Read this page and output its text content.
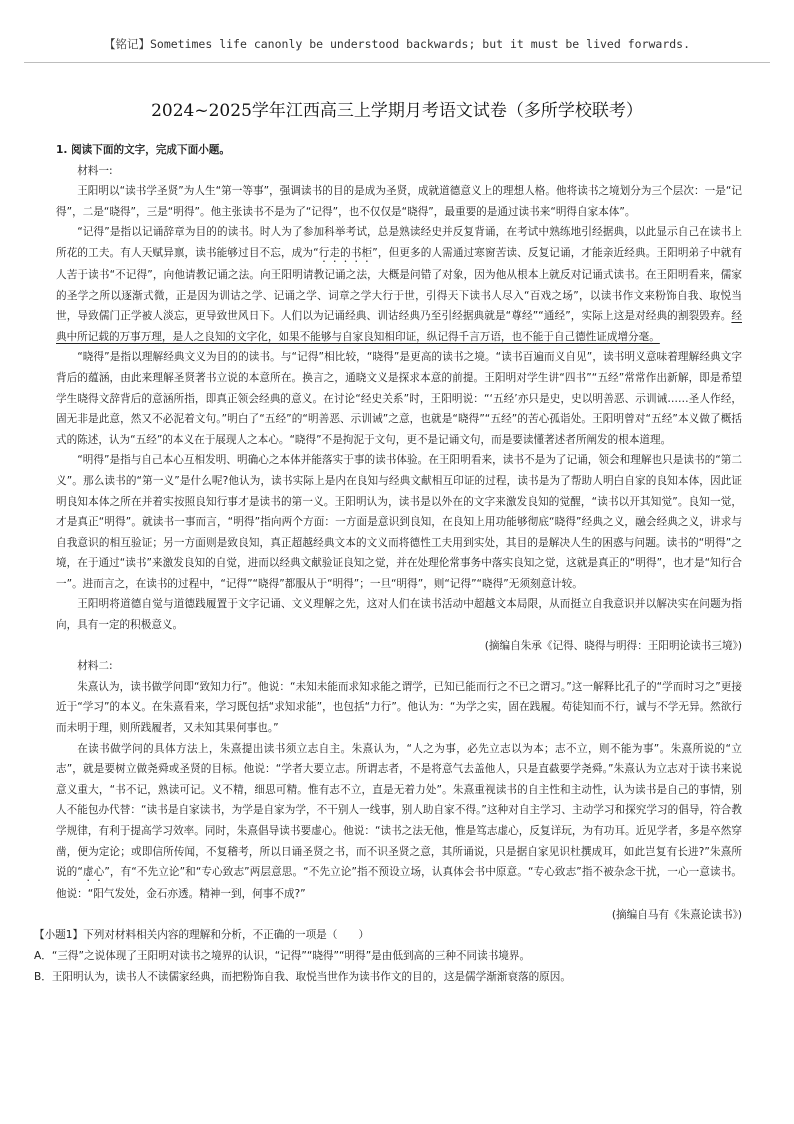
【铭记】Sometimes life canonly be understood backwards; but it must be lived forwards.
2024~2025学年江西高三上学期月考语文试卷（多所学校联考）

1. 阅读下面的文字，完成下面小题。

材料一:

王阳明以“读书学圣贤”为人生“第一等事”，强调读书的目的是成为圣贤，成就道德意义上的理想人格。他将读书之境划分为三个层次：一是“记得”，二是“晓得”，三是“明得”。他主张读书不是为了“记得”，也不仅仅是“晓得”，最重要的是通过读书来“明得自家本体”。

“记得”是指以记诵辞章为目的的读书。时人为了参加科举考试，总是熟读经史并反复背诵，在考试中熟练地引经据典，以此显示自己在读书上所花的工夫。有人天赋异禀，读书能够过目不忘，成为“行走的书柜”，但更多的人需通过寒窗苦读、反复记诵，才能亲近经典。王阳明弟子中就有人苦于读书“不记得”，向他请教记诵之法。向王阳明请教记诵之法，大概是问错了对象，因为他从根本上就反对记诵式读书。在王阳明看来，儒家的圣学之所以逐渐式微，正是因为训诂之学、记诵之学、词章之学大行于世，引得天下读书人尽入“百戏之场”，以读书作文来粉饰自我、取悦当世，导致儒门正学被人淡忘，更导致世风日下。人们以为记诵经典、训诂经典乃至引经据典就是“尊经”“通经”，实际上这是对经典的割裂毁弃。经典中所记载的万事万理，是人之良知的文字化，如果不能够与自家良知相印证，纵记得千言万语，也不能于自己德性证成增分毫。

“晓得”是指以理解经典文义为目的的读书。与“记得”相比较，“晓得”是更高的读书之境。“读书百遍而义自见”，读书明义意味着理解经典文字背后的蕴涵，由此来理解圣贤著书立说的本意所在。换言之，通晓文义是探求本意的前提。王阳明对学生讲“四书”“五经”常常作出新解，即是希望学生晓得文辞背后的意涵所指，即真正领会经典的意义。在讨论“经史关系”时，王阳明说：“‘五经’亦只是史，史以明善恶、示训诫……圣人作经，固无非是此意，然又不必泥着文句。”明白了“五经”的“明善恶、示训诫”之意，也就是“晓得”“五经”的苦心孤诣处。王阳明曾对“五经”本义做了概括式的陈述，认为“五经”的本义在于展现人之本心。“晓得”不是拘泥于文句，更不是记诵文句，而是要读懂著述者所阐发的根本道理。

“明得”是指与自己本心互相发明、明确心之本体并能落实于事的读书体验。在王阳明看来，读书不是为了记诵，领会和理解也只是读书的“第二义”。那么读书的“第一义”是什么呢?他认为，读书实际上是内在良知与经典文献相互印证的过程，读书是为了帮助人明白自家的良知本体，因此证明良知本体之所在并着实按照良知行事才是读书的第一义。王阳明认为，读书是以外在的文字来激发良知的觉醒，“读书以开其知觉”。良知一觉，才是真正“明得”。就读书一事而言，“明得”指向两个方面：一方面是意识到良知，在良知上用功能够彻底“晓得”经典之义，融会经典之义，讲求与自我意识的相互验证；另一方面则是致良知，真正超越经典文本的文义而将德性工夫用到实处，其目的是解决人生的困惑与问题。读书的“明得”之境，在于通过“读书”来激发良知的自觉，进而以经典文献验证良知之觉，并在处理伦常事务中落实良知之觉，这就是真正的“明得”，也才是“知行合一”。进而言之，在读书的过程中，“记得”“晓得”都服从于“明得”；一旦“明得”，则“记得”“晓得”无须刻意计较。

王阳明将道德自觉与道德践履置于文字记诵、文义理解之先，这对人们在读书活动中超越文本局限，从而挺立自我意识并以解决实在问题为指向，具有一定的积极意义。

(摘编自朱承《记得、晓得与明得：王阳明论读书三境》)

材料二:

朱熹认为，读书做学问即“致知力行”。他说：“未知未能而求知求能之谓学，已知已能而行之不已之谓习。”这一解释比孔子的“学而时习之”更接近于“学习”的本义。在朱熹看来，学习既包括“求知求能”，也包括“力行”。他认为：“为学之实，固在践履。苟徒知而不行，诚与不学无异。然欲行而未明于理，则所践履者，又未知其果何事也。”

在读书做学问的具体方法上，朱熹提出读书须立志自主。朱熹认为，“人之为事，必先立志以为本；志不立，则不能为事”。朱熹所说的“立志”，就是要树立做尧舜或圣贤的目标。他说：“学者大要立志。所谓志者，不是将意气去盖他人，只是直截要学尧舜。”朱熹认为立志对于读书来说意义重大，“书不记，熟读可记。义不精，细思可精。惟有志不立，直是无着力处”。朱熹重视读书的自主性和主动性，认为读书是自己的事情，别人不能包办代替：“读书是自家读书，为学是自家为学，不干别人一线事，别人助自家不得。”这种对自主学习、主动学习和探究学习的倡导，符合教学规律，有利于提高学习效率。同时，朱熹倡导读书要虚心。他说：“读书之法无他，惟是笃志虚心，反复详玩，为有功耳。近见学者，多是卒然穿凿，便为定论；或即信所传闻，不复稽考，所以日诵圣贤之书，而不识圣贤之意，其所诵说，只是据自家见识杜撰成耳，如此岂复有长进?”朱熹所说的“虚心”，有“不先立论”和“专心致志”两层意思。“不先立论”指不预设立场，认真体会书中原意。“专心致志”指不被杂念干扰，一心一意读书。他说：“阳气发处，金石亦透。精神一到，何事不成?”

(摘编自马有《朱熹论读书》)

【小题1】下列对材料相关内容的理解和分析，不正确的一项是（　　）

A．“三得”之说体现了王阳明对读书之境界的认识，“记得”“晓得”“明得”是由低到高的三种不同读书境界。

B．王阳明认为，读书人不读儒家经典，而把粉饰自我、取悦当世作为读书作文的目的，这是儒学渐渐衰落的原因。
